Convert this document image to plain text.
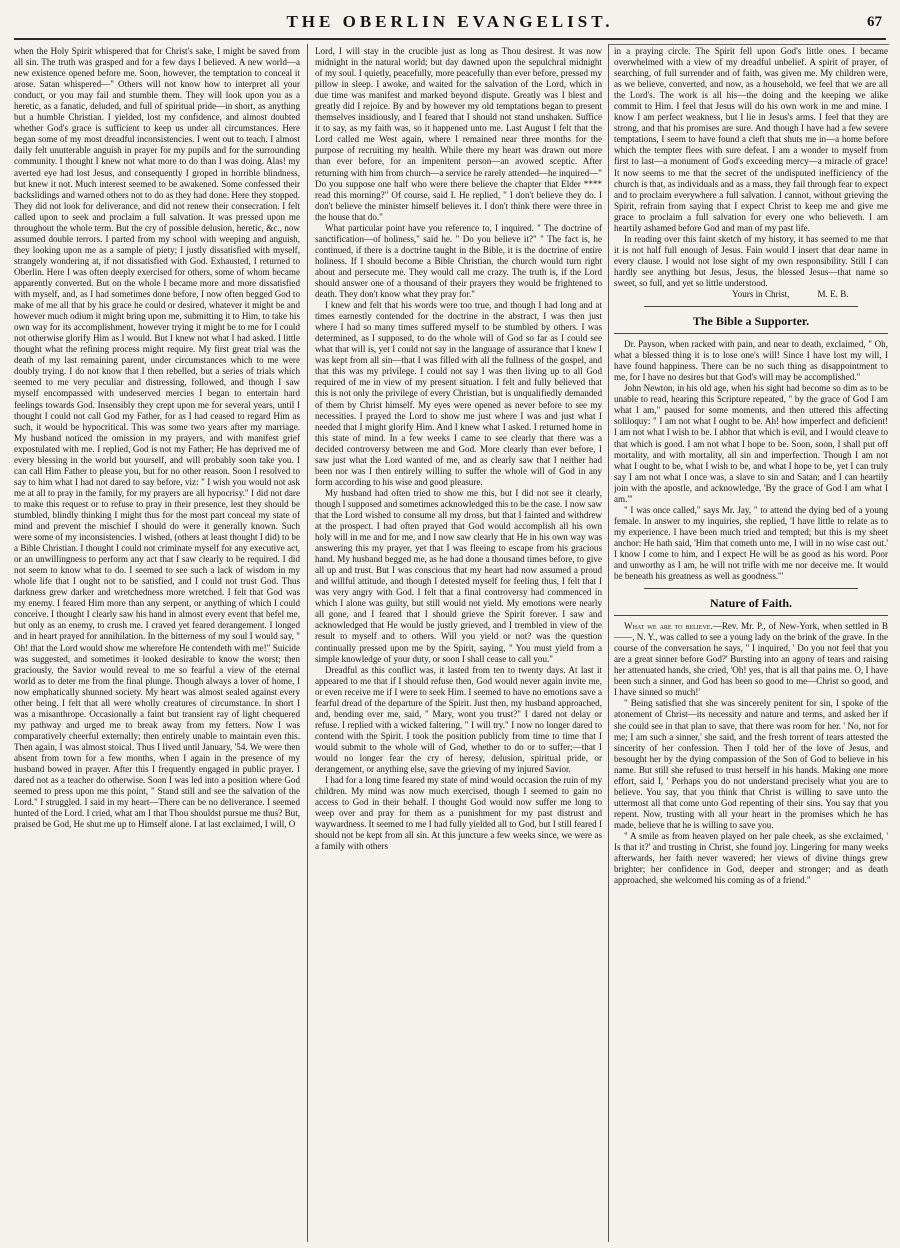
THE OBERLIN EVANGELIST.	67

when the Holy Spirit whispered that for Christ's sake, I might be saved from all sin. The truth was grasped and for a few days I believed. A new world—a new existence opened before me. Soon, however, the temptation to conceal it arose. Satan whispered—" Others will not know how to interpret all your conduct, or you may fail and stumble them. They will look upon you as a heretic, as a fanatic, deluded, and full of spiritual pride—in short, as anything but a humble Christian. I yielded, lost my confidence, and almost doubted whether God's grace is sufficient to keep us under all circumstances. Here began some of my most dreadful inconsistencies. I went out to teach. I almost daily felt unutterable anguish in prayer for my pupils and for the surrounding community. I thought I knew not what more to do than I was doing. Alas! my averted eye had lost Jesus, and consequently I groped in horrible blindness, but knew it not. Much interest seemed to be awakened. Some confessed their backslidings and warned others not to do as they had done. Here they stopped. They did not look for deliverance, and did not renew their consecration. I felt called upon to seek and proclaim a full salvation. It was pressed upon me throughout the whole term. But the cry of possible delusion, heretic, &c., now assumed double terrors. I parted from my school with weeping and anguish, they looking upon me as a sample of piety; I justly dissatisfied with myself, strangely wondering at, if not dissatisfied with God. Exhausted, I returned to Oberlin. Here I was often deeply exercised for others, some of whom became apparently converted. But on the whole I became more and more dissatisfied with myself, and, as I had sometimes done before, I now often begged God to make of me all that by his grace he could or desired, whatever it might be and however much odium it might bring upon me, submitting it to Him, to take his own way for its accomplishment, however trying it might be to me for I could not otherwise glorify Him as I would. But I knew not what I had asked. I little thought what the refining process might require. My first great trial was the death of my last remaining parent, under circumstances which to me were doubly trying. I do not know that I then rebelled, but a series of trials which seemed to me very peculiar and distressing, followed, and though I saw myself encompassed with undeserved mercies I began to entertain hard feelings towards God. Insensibly they crept upon me for several years, until I thought I could not call God my Father, for as I had ceased to regard Him as such, it would be hypocritical. This was some two years after my marriage. My husband noticed the omission in my prayers, and with manifest grief expostulated with me. I replied, God is not my Father; He has deprived me of every blessing in the world but yourself, and will probably soon take you. I can call Him Father to please you, but for no other reason. Soon I resolved to say to him what I had not dared to say before, viz: " I wish you would not ask me at all to pray in the family, for my prayers are all hypocrisy." I did not dare to make this request or to refuse to pray in their presence, lest they should be stumbled, blindly thinking I might thus for the most part conceal my state of mind and prevent the mischief I should do were it generally known. Such were some of my inconsistencies. I wished, (others at least thought I did) to be a Bible Christian. I thought I could not criminate myself for any executive act, or an unwillingness to perform any act that I saw clearly to be required. I did not seem to know what to do. I seemed to see such a lack of wisdom in my whole life that I ought not to be satisfied, and I could not trust God. Thus darkness grew darker and wretchedness more wretched. I felt that God was my enemy. I feared Him more than any serpent, or anything of which I could conceive. I thought I clearly saw his hand in almost every event that befel me, but only as an enemy, to crush me. I craved yet feared derangement. I longed and in heart prayed for annihilation. In the bitterness of my soul I would say, " Oh! that the Lord would show me wherefore He contendeth with me!" Suicide was suggested, and sometimes it looked desirable to know the worst; then graciously, the Savior would reveal to me so fearful a view of the eternal world as to deter me from the final plunge. Though always a lover of home, I now emphatically shunned society. My heart was almost sealed against every other being. I felt that all were wholly creatures of circumstance. In short I was a misanthrope. Occasionally a faint but transient ray of light chequered my pathway and urged me to break away from my fetters. Now I was comparatively cheerful externally; then entirely unable to maintain even this. Then again, I was almost stoical. Thus I lived until January, '54. We were then absent from town for a few months, when I again in the presence of my husband bowed in prayer. After this I frequently engaged in public prayer. I dared not as a teacher do otherwise. Soon I was led into a position where God seemed to press upon me this point, " Stand still and see the salvation of the Lord." I struggled. I said in my heart—There can be no deliverance. I seemed hunted of the Lord. I cried, what am I that Thou shouldst pursue me thus? But, praised be God, He shut me up to Himself alone. I at last exclaimed, I will, O

Lord, I will stay in the crucible just as long as Thou desirest. It was now midnight in the natural world; but day dawned upon the sepulchral midnight of my soul. I quietly, peacefully, more peacefully than ever before, pressed my pillow in sleep. I awoke, and waited for the salvation of the Lord, which in due time was manifest and marked beyond dispute. Greatly was I blest and greatly did I rejoice. By and by however my old temptations began to present themselves insidiously, and I feared that I should not stand unshaken. Suffice it to say, as my faith was, so it happened unto me. Last August I felt that the Lord called me West again, where I remained near three months for the purpose of recruiting my health. While there my heart was drawn out more than ever before, for an impenitent person—an avowed sceptic. After returning with him from church—a service he rarely attended—he inquired—" Do you suppose one half who were there believe the chapter that Elder **** read this morning?" Of course, said I. He replied, " I don't believe they do. I don't believe the minister himself believes it. I don't think there were three in the house that do."

What particular point have you reference to, I inquired. " The doctrine of sanctification—of holiness," said he. " Do you believe it?" " The fact is, he continued, if there is a doctrine taught in the Bible, it is the doctrine of entire holiness. If I should become a Bible Christian, the church would turn right about and persecute me. They would call me crazy. The truth is, if the Lord should answer one of a thousand of their prayers they would be frightened to death. They don't know what they pray for."

I knew and felt that his words were too true, and though I had long and at times earnestly contended for the doctrine in the abstract, I was then just where I had so many times suffered myself to be stumbled by others. I was determined, as I supposed, to do the whole will of God so far as I could see what that will is, yet I could not say in the language of assurance that I knew I was kept from all sin—that I was filled with all the fullness of the gospel, and that this was my privilege. I could not say I was then living up to all God required of me in view of my present situation. I felt and fully believed that this is not only the privilege of every Christian, but is unqualifiedly demanded of them by Christ himself. My eyes were opened as never before to see my necessities. I prayed the Lord to show me just where I was and just what I needed that I might glorify Him. And I knew what I asked. I returned home in this state of mind. In a few weeks I came to see clearly that there was a decided controversy between me and God. More clearly than ever before, I saw just what the Lord wanted of me, and as clearly saw that I neither had been nor was I then entirely willing to suffer the whole will of God in any form according to his wise and good pleasure.

My husband had often tried to show me this, but I did not see it clearly, though I supposed and sometimes acknowledged this to be the case. I now saw that the Lord wished to consume all my dross, but that I fainted and withdrew at the prospect. I had often prayed that God would accomplish all his own holy will in me and for me, and I now saw clearly that He in his own way was answering this my prayer, yet that I was fleeing to escape from his gracious hand. My husband begged me, as he had done a thousand times before, to give all up and trust. But I was conscious that my heart had now assumed a proud and willful attitude, and though I detested myself for feeling thus, I felt that I was very angry with God. I felt that a final controversy had commenced in which I alone was guilty, but still would not yield. My emotions were nearly all gone, and I feared that I should grieve the Spirit forever. I saw and acknowledged that He would be justly grieved, and I trembled in view of the result to myself and to others. Will you yield or not? was the question continually pressed upon me by the Spirit, saying, " You must yield from a simple knowledge of your duty, or soon I shall cease to call you."

Dreadful as this conflict was, it lasted from ten to twenty days. At last it appeared to me that if I should refuse then, God would never again invite me, or even receive me if I were to seek Him. I seemed to have no emotions save a fearful dread of the departure of the Spirit. Just then, my husband approached, and, bending over me, said, " Mary, wont you trust?" I dared not delay or refuse. I replied with a wicked faltering, " I will try." I now no longer dared to contend with the Spirit. I took the position publicly from time to time that I would submit to the whole will of God, whether to do or to suffer;—that I would no longer fear the cry of heresy, delusion, spiritual pride, or derangement, or anything else, save the grieving of my injured Savior.

I had for a long time feared my state of mind would occasion the ruin of my children. My mind was now much exercised, though I seemed to gain no access to God in their behalf. I thought God would now suffer me long to weep over and pray for them as a punishment for my past distrust and waywardness. It seemed to me I had fully yielded all to God, but I still feared I should not be kept from all sin. At this juncture a few weeks since, we were as a family with others

in a praying circle. The Spirit fell upon God's little ones. I became overwhelmed with a view of my dreadful unbelief. A spirit of prayer, of searching, of full surrender and of faith, was given me. My children were, as we believe, converted, and now, as a household, we feel that we are all the Lord's. The work is all his—the doing and the keeping we alike commit to Him. I feel that Jesus will do his own work in me and mine. I know I am perfect weakness, but I lie in Jesus's arms. I feel that they are strong, and that his promises are sure. And though I have had a few severe temptations, I seem to have found a cleft that shuts me in—a home before which the tempter flees with sure defeat. I am a wonder to myself from first to last—a monument of God's exceeding mercy—a miracle of grace! It now seems to me that the secret of the undisputed inefficiency of the church is that, as individuals and as a mass, they fail through fear to expect and to proclaim everywhere a full salvation. I cannot, without grieving the Spirit, refrain from saying that I expect Christ to keep me and give me grace to proclaim a full salvation for every one who believeth. I am heartily ashamed before God and man of my past life.

In reading over this faint sketch of my history, it has seemed to me that it is not half full enough of Jesus. Fain would I insert that dear name in every clause. I would not lose sight of my own responsibility. Still I can hardly see anything but Jesus, Jesus, the blessed Jesus—that name so sweet, so full, and yet so little understood.

Yours in Christ,	M. E. B.

The Bible a Supporter.

Dr. Payson, when racked with pain, and near to death, exclaimed, " Oh, what a blessed thing it is to lose one's will! Since I have lost my will, I have found happiness. There can be no such thing as disappointment to me, for I have no desires but that God's will may be accomplished."

John Newton, in his old age, when his sight had become so dim as to be unable to read, hearing this Scripture repeated, " by the grace of God I am what I am," paused for some moments, and then uttered this affecting soliloquy: " I am not what I ought to be. Ah! how imperfect and deficient! I am not what I wish to be. I abhor that which is evil, and I would cleave to that which is good. I am not what I hope to be. Soon, soon, I shall put off mortality, and with mortality, all sin and imperfection. Though I am not what I ought to be, what I wish to be, and what I hope to be, yet I can truly say I am not what I once was, a slave to sin and Satan; and I can heartily join with the apostle, and acknowledge, 'By the grace of God I am what I am.'"

" I was once called," says Mr. Jay, " to attend the dying bed of a young female. In answer to my inquiries, she replied, 'I have little to relate as to my experience. I have been much tried and tempted; but this is my sheet anchor: He hath said, 'Him that cometh unto me, I will in no wise cast out.' I know I come to him, and I expect He will be as good as his word. Poor and unworthy as I am, he will not trifle with me nor deceive me. It would be beneath his greatness as well as goodness.'"

Nature of Faith.

What we are to believe.—Rev. Mr. P., of New-York, when settled in B——, N. Y., was called to see a young lady on the brink of the grave. In the course of the conversation he says, " I inquired, ' Do you not feel that you are a great sinner before God?' Bursting into an agony of tears and raising her attenuated hands, she cried, 'Oh! yes, that is all that pains me. O, I have been such a sinner, and God has been so good to me—Christ so good, and I have sinned so much!'

" Being satisfied that she was sincerely penitent for sin, I spoke of the atonement of Christ—its necessity and nature and terms, and asked her if she could see in that plan to save, that there was room for her. ' No, not for me; I am such a sinner,' she said, and the fresh torrent of tears attested the sincerity of her confession. Then I told her of the love of Jesus, and besought her by the dying compassion of the Son of God to believe in his name. But still she refused to trust herself in his hands. Making one more effort, said I, ' Perhaps you do not understand precisely what you are to believe. You say, that you think that Christ is willing to save unto the uttermost all that come unto God repenting of their sins. You say that you repent. Now, trusting with all your heart in the promises which he has made, believe that he is willing to save you.

" A smile as from heaven played on her pale cheek, as she exclaimed, ' Is that it?' and trusting in Christ, she found joy. Lingering for many weeks afterwards, her faith never wavered; her views of divine things grew brighter; her confidence in God, deeper and stronger; and as death approached, she welcomed his coming as of a friend."
